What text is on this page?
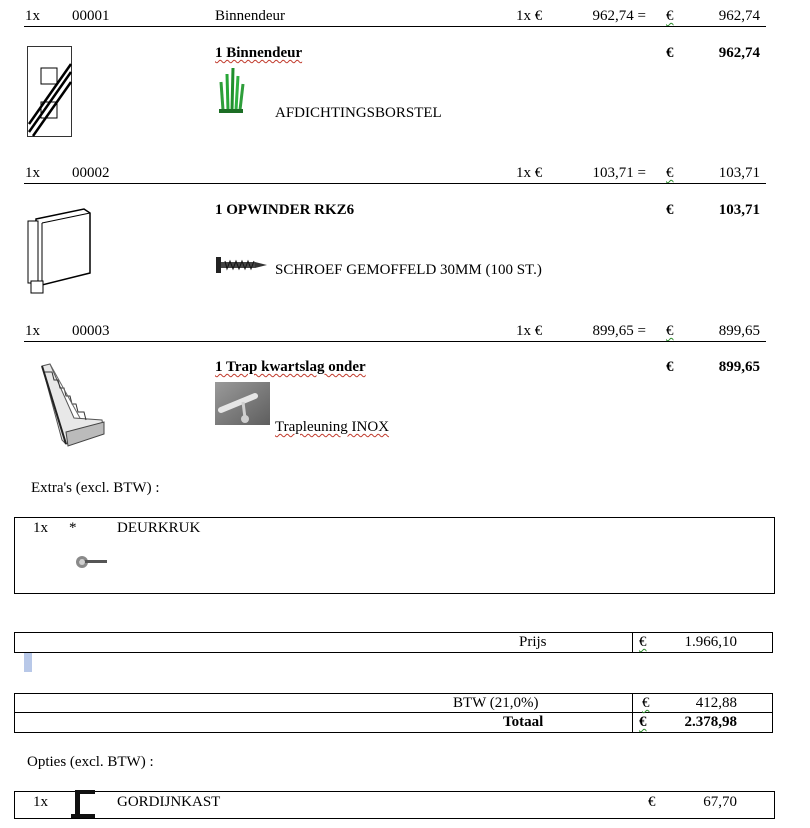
1x 00001	Binnendeur	1x €	962,74 = €	962,74
1 Binnendeur	€	962,74
AFDICHTINGSBORSTEL
1x 00002	1x €	103,71 = €	103,71
1 OPWINDER RKZ6	€	103,71
SCHROEF GEMOFFELD 30MM (100 ST.)
1x 00003	1x €	899,65 = €	899,65
1 Trap kwartslag onder	€	899,65
Trapleuning INOX
Extra's (excl. BTW) :
1x *	DEURKRUK
Prijs	€	1.966,10
BTW (21,0%)	€	412,88
Totaal	€	2.378,98
Opties (excl. BTW) :
1x	GORDIJNKAST	€	67,70
